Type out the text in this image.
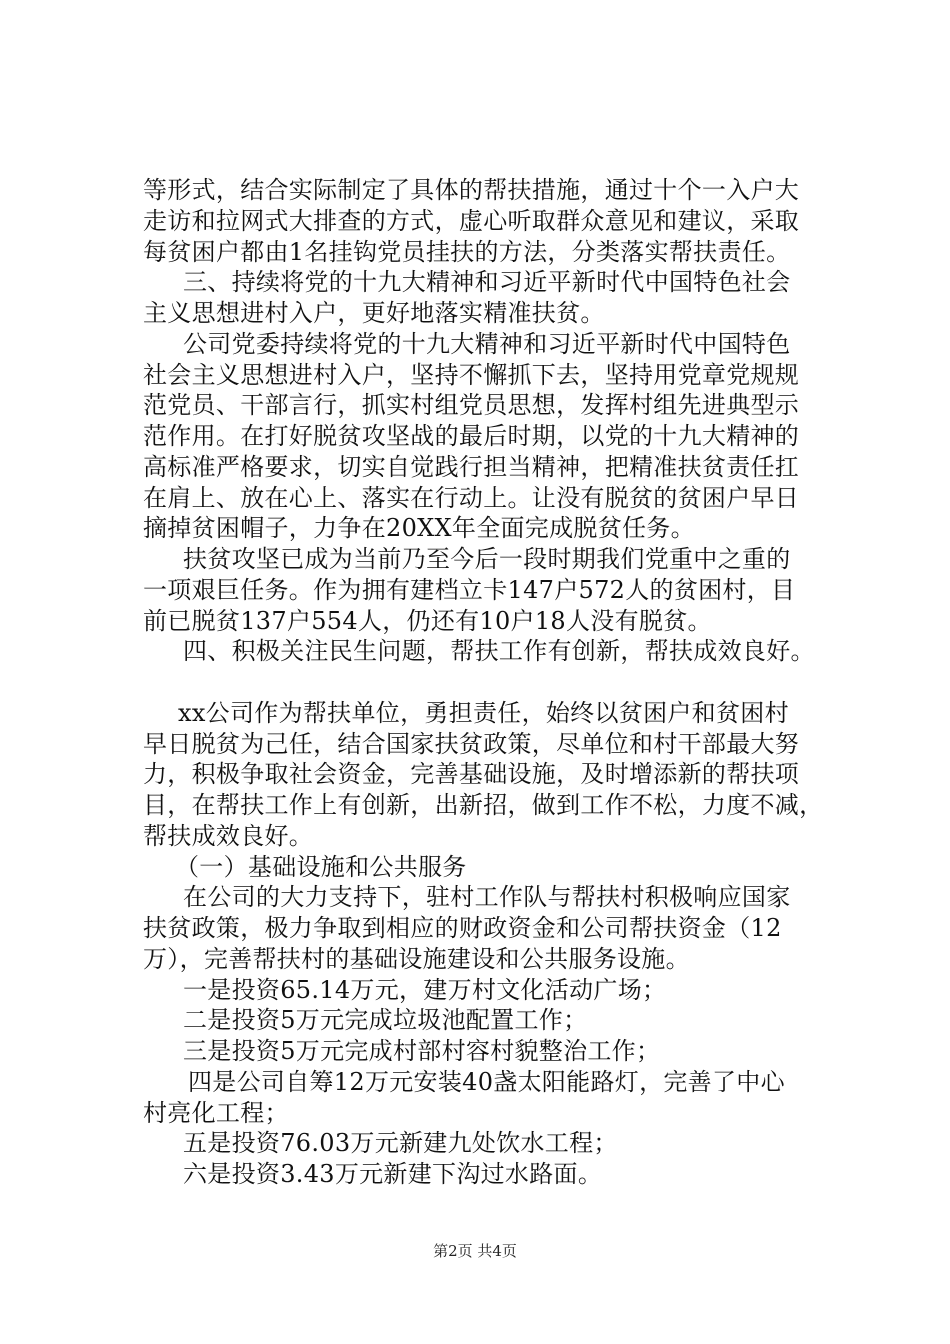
等形式，结合实际制定了具体的帮扶措施，通过十个一入户大
走访和拉网式大排查的方式，虚心听取群众意见和建议，采取
每贫困户都由1名挂钩党员挂扶的方法，分类落实帮扶责任。
三、持续将党的十九大精神和习近平新时代中国特色社会
主义思想进村入户，更好地落实精准扶贫。
公司党委持续将党的十九大精神和习近平新时代中国特色
社会主义思想进村入户，坚持不懈抓下去，坚持用党章党规规
范党员、干部言行，抓实村组党员思想，发挥村组先进典型示
范作用。在打好脱贫攻坚战的最后时期，以党的十九大精神的
高标准严格要求，切实自觉践行担当精神，把精准扶贫责任扛
在肩上、放在心上、落实在行动上。让没有脱贫的贫困户早日
摘掉贫困帽子，力争在20XX年全面完成脱贫任务。
扶贫攻坚已成为当前乃至今后一段时期我们党重中之重的
一项艰巨任务。作为拥有建档立卡147户572人的贫困村，目
前已脱贫137户554人，仍还有10户18人没有脱贫。
四、积极关注民生问题，帮扶工作有创新，帮扶成效良好。
xx公司作为帮扶单位，勇担责任，始终以贫困户和贫困村
早日脱贫为己任，结合国家扶贫政策，尽单位和村干部最大努
力，积极争取社会资金，完善基础设施，及时增添新的帮扶项
目，在帮扶工作上有创新，出新招，做到工作不松，力度不减，
帮扶成效良好。
（一）基础设施和公共服务
在公司的大力支持下，驻村工作队与帮扶村积极响应国家
扶贫政策，极力争取到相应的财政资金和公司帮扶资金（12
万），完善帮扶村的基础设施建设和公共服务设施。
一是投资65.14万元，建万村文化活动广场；
二是投资5万元完成垃圾池配置工作；
三是投资5万元完成村部村容村貌整治工作；
四是公司自筹12万元安装40盏太阳能路灯，完善了中心
村亮化工程；
五是投资76.03万元新建九处饮水工程；
六是投资3.43万元新建下沟过水路面。
第2页 共4页
